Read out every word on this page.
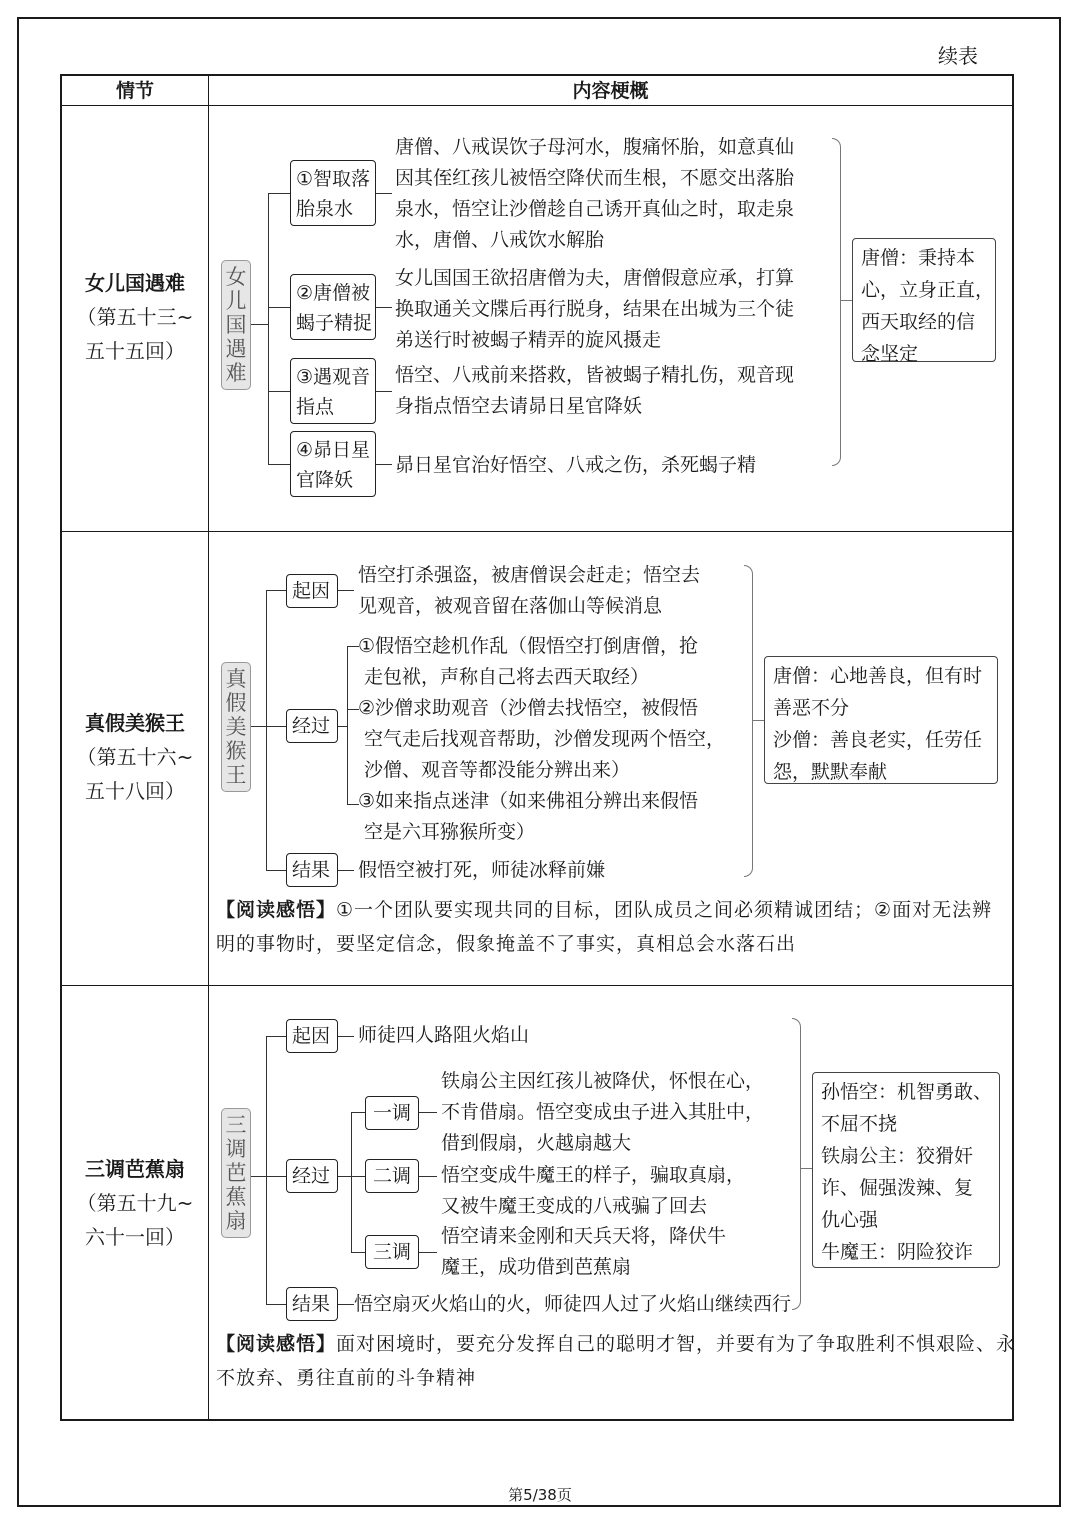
续表
情节	内容梗概
女儿国遇难
（第五十三~
五十五回）
女
儿
国
遇
难
①智取落
胎泉水
②唐僧被
蝎子精捉
③遇观音
指点
④昴日星
官降妖
唐僧、八戒误饮子母河水，腹痛怀胎，如意真仙
因其侄红孩儿被悟空降伏而生根，不愿交出落胎
泉水，悟空让沙僧趁自己诱开真仙之时，取走泉
水，唐僧、八戒饮水解胎
女儿国国王欲招唐僧为夫，唐僧假意应承，打算
换取通关文牒后再行脱身，结果在出城为三个徒
弟送行时被蝎子精弄的旋风摄走
悟空、八戒前来搭救，皆被蝎子精扎伤，观音现
身指点悟空去请昴日星官降妖
昴日星官治好悟空、八戒之伤，杀死蝎子精
唐僧：秉持本
心，立身正直，
西天取经的信
念坚定
真假美猴王
（第五十六~
五十八回）
真
假
美
猴
王
起因
经过
结果
悟空打杀强盗，被唐僧误会赶走；悟空去
见观音，被观音留在落伽山等候消息
①假悟空趁机作乱（假悟空打倒唐僧，抢
走包袱，声称自己将去西天取经）
②沙僧求助观音（沙僧去找悟空，被假悟
空气走后找观音帮助，沙僧发现两个悟空，
沙僧、观音等都没能分辨出来）
③如来指点迷津（如来佛祖分辨出来假悟
空是六耳猕猴所变）
假悟空被打死，师徒冰释前嫌
唐僧：心地善良，但有时
善恶不分
沙僧：善良老实，任劳任
怨，默默奉献
【阅读感悟】①一个团队要实现共同的目标，团队成员之间必须精诚团结；②面对无法辨
明的事物时，要坚定信念，假象掩盖不了事实，真相总会水落石出
三调芭蕉扇
（第五十九~
六十一回）
三
调
芭
蕉
扇
起因
经过
结果
一调
二调
三调
师徒四人路阻火焰山
铁扇公主因红孩儿被降伏，怀恨在心，
不肯借扇。悟空变成虫子进入其肚中，
借到假扇，火越扇越大
悟空变成牛魔王的样子，骗取真扇，
又被牛魔王变成的八戒骗了回去
悟空请来金刚和天兵天将，降伏牛
魔王，成功借到芭蕉扇
悟空扇灭火焰山的火，师徒四人过了火焰山继续西行
孙悟空：机智勇敢、
不屈不挠
铁扇公主：狡猾奸
诈、倔强泼辣、复
仇心强
牛魔王：阴险狡诈
【阅读感悟】面对困境时，要充分发挥自己的聪明才智，并要有为了争取胜利不惧艰险、永
不放弃、勇往直前的斗争精神
第5/38页
